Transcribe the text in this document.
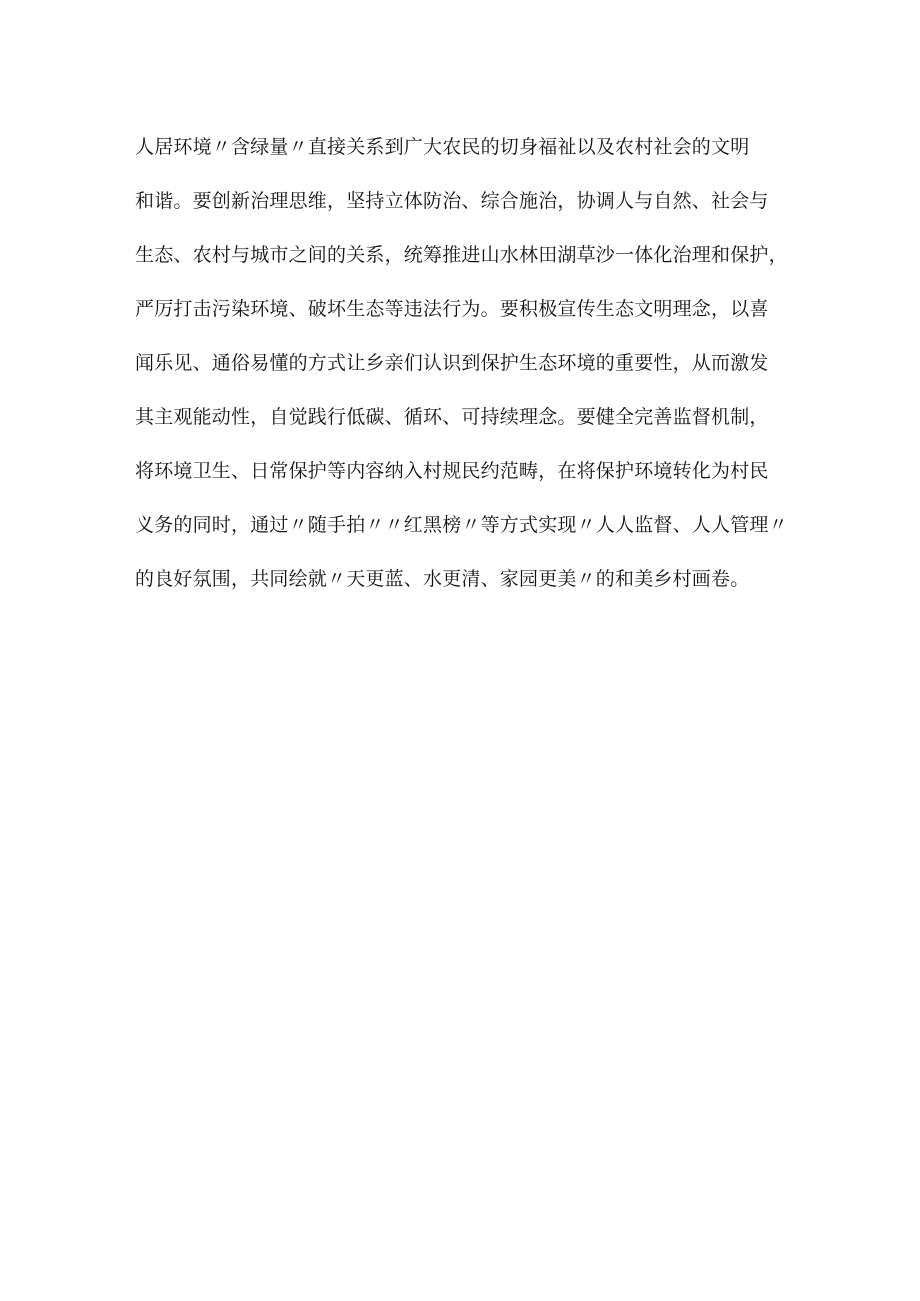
人居环境〃含绿量〃直接关系到广大农民的切身福祉以及农村社会的文明
和谐。要创新治理思维，坚持立体防治、综合施治，协调人与自然、社会与
生态、农村与城市之间的关系，统筹推进山水林田湖草沙一体化治理和保护，
严厉打击污染环境、破坏生态等违法行为。要积极宣传生态文明理念，以喜
闻乐见、通俗易懂的方式让乡亲们认识到保护生态环境的重要性，从而激发
其主观能动性，自觉践行低碳、循环、可持续理念。要健全完善监督机制，
将环境卫生、日常保护等内容纳入村规民约范畴，在将保护环境转化为村民
义务的同时，通过〃随手拍〃〃红黑榜〃等方式实现〃人人监督、人人管理〃
的良好氛围，共同绘就〃天更蓝、水更清、家园更美〃的和美乡村画卷。
